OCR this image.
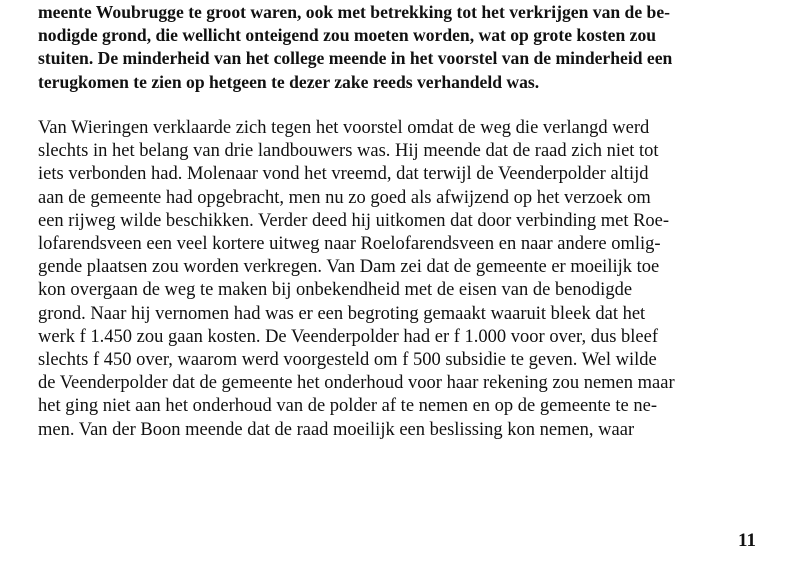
meente Woubrugge te groot waren, ook met betrekking tot het verkrijgen van de be-
nodigde grond, die wellicht onteigend zou moeten worden, wat op grote kosten zou
stuiten. De minderheid van het college meende in het voorstel van de minderheid een
terugkomen te zien op hetgeen te dezer zake reeds verhandeld was.

Van Wieringen verklaarde zich tegen het voorstel omdat de weg die verlangd werd
slechts in het belang van drie landbouwers was. Hij meende dat de raad zich niet tot
iets verbonden had. Molenaar vond het vreemd, dat terwijl de Veenderpolder altijd
aan de gemeente had opgebracht, men nu zo goed als afwijzend op het verzoek om
een rijweg wilde beschikken. Verder deed hij uitkomen dat door verbinding met Roe-
lofarendsveen een veel kortere uitweg naar Roelofarendsveen en naar andere omlig-
gende plaatsen zou worden verkregen. Van Dam zei dat de gemeente er moeilijk toe
kon overgaan de weg te maken bij onbekendheid met de eisen van de benodigde
grond. Naar hij vernomen had was er een begroting gemaakt waaruit bleek dat het
werk f 1.450 zou gaan kosten. De Veenderpolder had er f 1.000 voor over, dus bleef
slechts f 450 over, waarom werd voorgesteld om f 500 subsidie te geven. Wel wilde
de Veenderpolder dat de gemeente het onderhoud voor haar rekening zou nemen maar
het ging niet aan het onderhoud van de polder af te nemen en op de gemeente te ne-
men. Van der Boon meende dat de raad moeilijk een beslissing kon nemen, waar

11
